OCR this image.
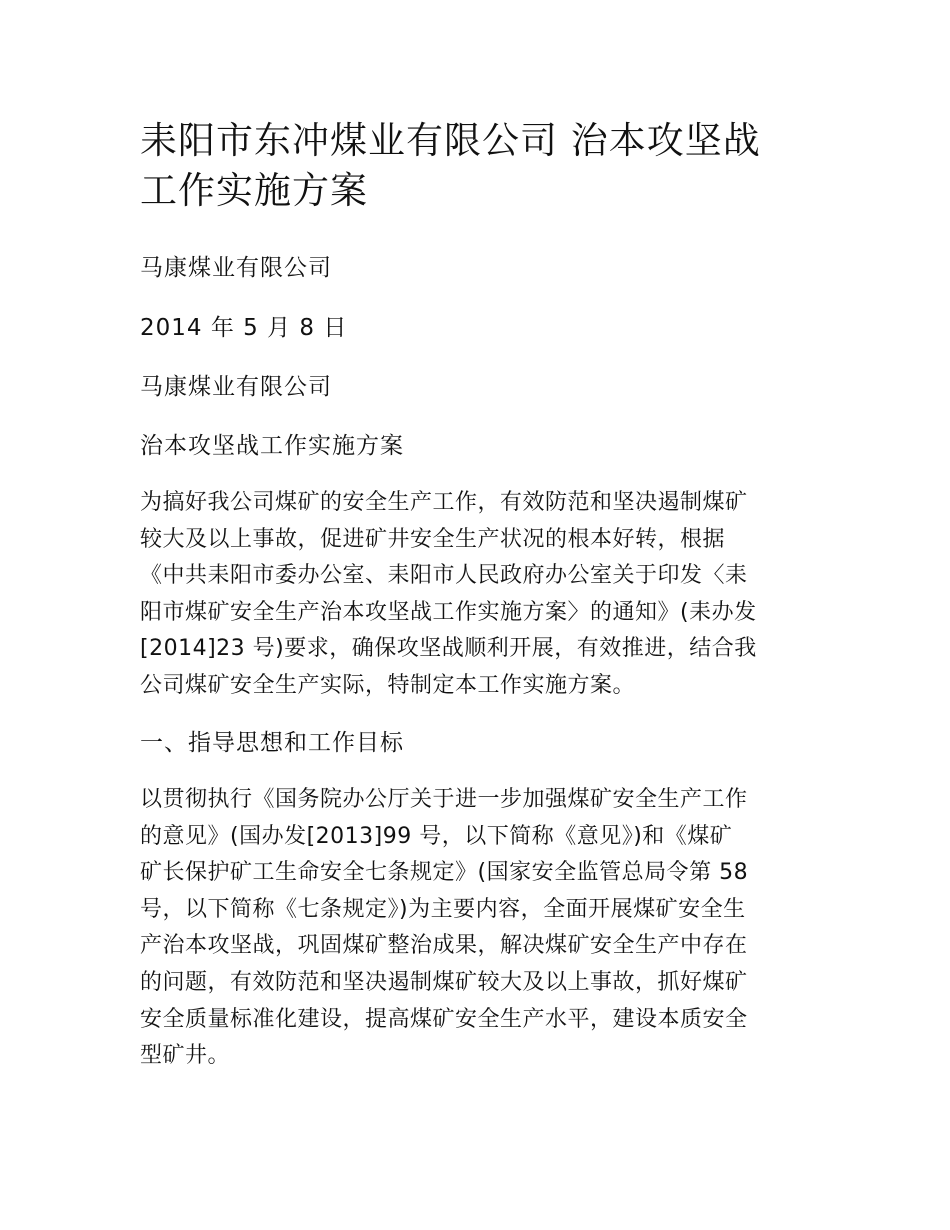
耒阳市东冲煤业有限公司 治本攻坚战
工作实施方案

马康煤业有限公司

2014 年 5 月 8 日

马康煤业有限公司

治本攻坚战工作实施方案

为搞好我公司煤矿的安全生产工作，有效防范和坚决遏制煤矿
较大及以上事故，促进矿井安全生产状况的根本好转，根据
《中共耒阳市委办公室、耒阳市人民政府办公室关于印发〈耒
阳市煤矿安全生产治本攻坚战工作实施方案〉的通知》(耒办发
[2014]23 号)要求，确保攻坚战顺利开展，有效推进，结合我
公司煤矿安全生产实际，特制定本工作实施方案。

一、指导思想和工作目标

以贯彻执行《国务院办公厅关于进一步加强煤矿安全生产工作
的意见》(国办发[2013]99 号，以下简称《意见》)和《煤矿
矿长保护矿工生命安全七条规定》(国家安全监管总局令第 58
号，以下简称《七条规定》)为主要内容，全面开展煤矿安全生
产治本攻坚战，巩固煤矿整治成果，解决煤矿安全生产中存在
的问题，有效防范和坚决遏制煤矿较大及以上事故，抓好煤矿
安全质量标准化建设，提高煤矿安全生产水平，建设本质安全
型矿井。
